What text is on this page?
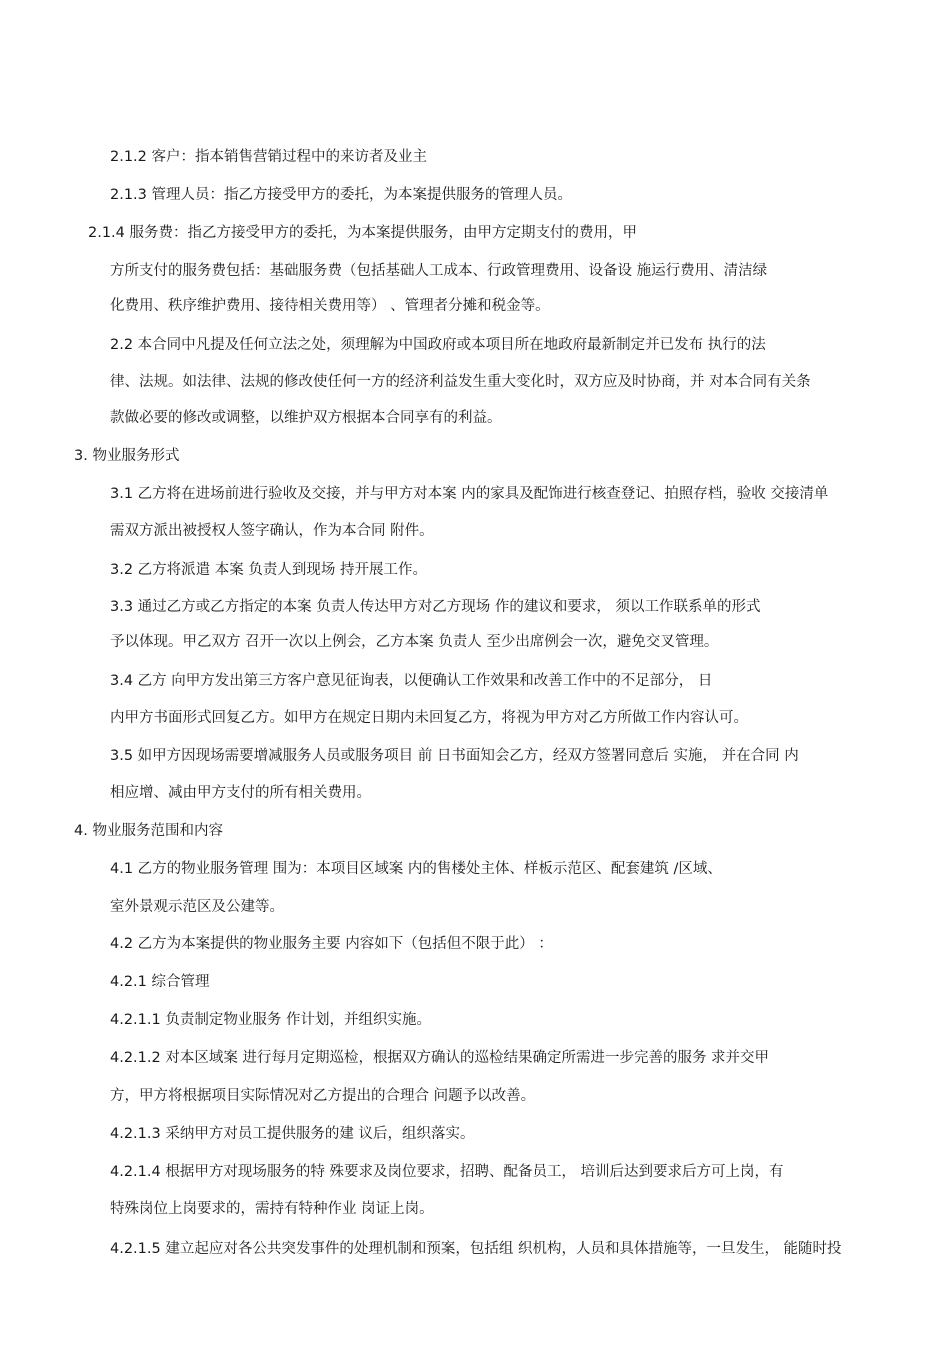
2.1.2 客户：指本销售营销过程中的来访者及业主
2.1.3 管理人员：指乙方接受甲方的委托，为本案提供服务的管理人员。
2.1.4 服务费：指乙方接受甲方的委托，为本案提供服务，由甲方定期支付的费用，甲
方所支付的服务费包括：基础服务费（包括基础人工成本、行政管理费用、设备设 施运行费用、清洁绿
化费用、秩序维护费用、接待相关费用等） 、管理者分摊和税金等。
2.2 本合同中凡提及任何立法之处，须理解为中国政府或本项目所在地政府最新制定并已发布 执行的法
律、法规。如法律、法规的修改使任何一方的经济利益发生重大变化时，双方应及时协商，并 对本合同有关条
款做必要的修改或调整，以维护双方根据本合同享有的利益。
3. 物业服务形式
3.1 乙方将在进场前进行验收及交接，并与甲方对本案 内的家具及配饰进行核查登记、拍照存档，验收 交接清单
需双方派出被授权人签字确认，作为本合同 附件。
3.2 乙方将派遣 本案 负责人到现场 持开展工作。
3.3 通过乙方或乙方指定的本案 负责人传达甲方对乙方现场 作的建议和要求， 须以工作联系单的形式
予以体现。甲乙双方 召开一次以上例会，乙方本案 负责人 至少出席例会一次，避免交叉管理。
3.4 乙方 向甲方发出第三方客户意见征询表，以便确认工作效果和改善工作中的不足部分， 日
内甲方书面形式回复乙方。如甲方在规定日期内未回复乙方，将视为甲方对乙方所做工作内容认可。
3.5 如甲方因现场需要增减服务人员或服务项目 前 日书面知会乙方，经双方签署同意后 实施， 并在合同 内
相应增、减由甲方支付的所有相关费用。
4. 物业服务范围和内容
4.1 乙方的物业服务管理 围为：本项目区域案 内的售楼处主体、样板示范区、配套建筑 /区域、
室外景观示范区及公建等。
4.2 乙方为本案提供的物业服务主要 内容如下（包括但不限于此） ：
4.2.1 综合管理
4.2.1.1 负责制定物业服务 作计划，并组织实施。
4.2.1.2 对本区域案 进行每月定期巡检，根据双方确认的巡检结果确定所需进一步完善的服务 求并交甲
方，甲方将根据项目实际情况对乙方提出的合理合 问题予以改善。
4.2.1.3 采纳甲方对员工提供服务的建 议后，组织落实。
4.2.1.4 根据甲方对现场服务的特 殊要求及岗位要求，招聘、配备员工， 培训后达到要求后方可上岗，有
特殊岗位上岗要求的，需持有特种作业 岗证上岗。
4.2.1.5 建立起应对各公共突发事件的处理机制和预案，包括组 织机构，人员和具体措施等，一旦发生， 能随时投
